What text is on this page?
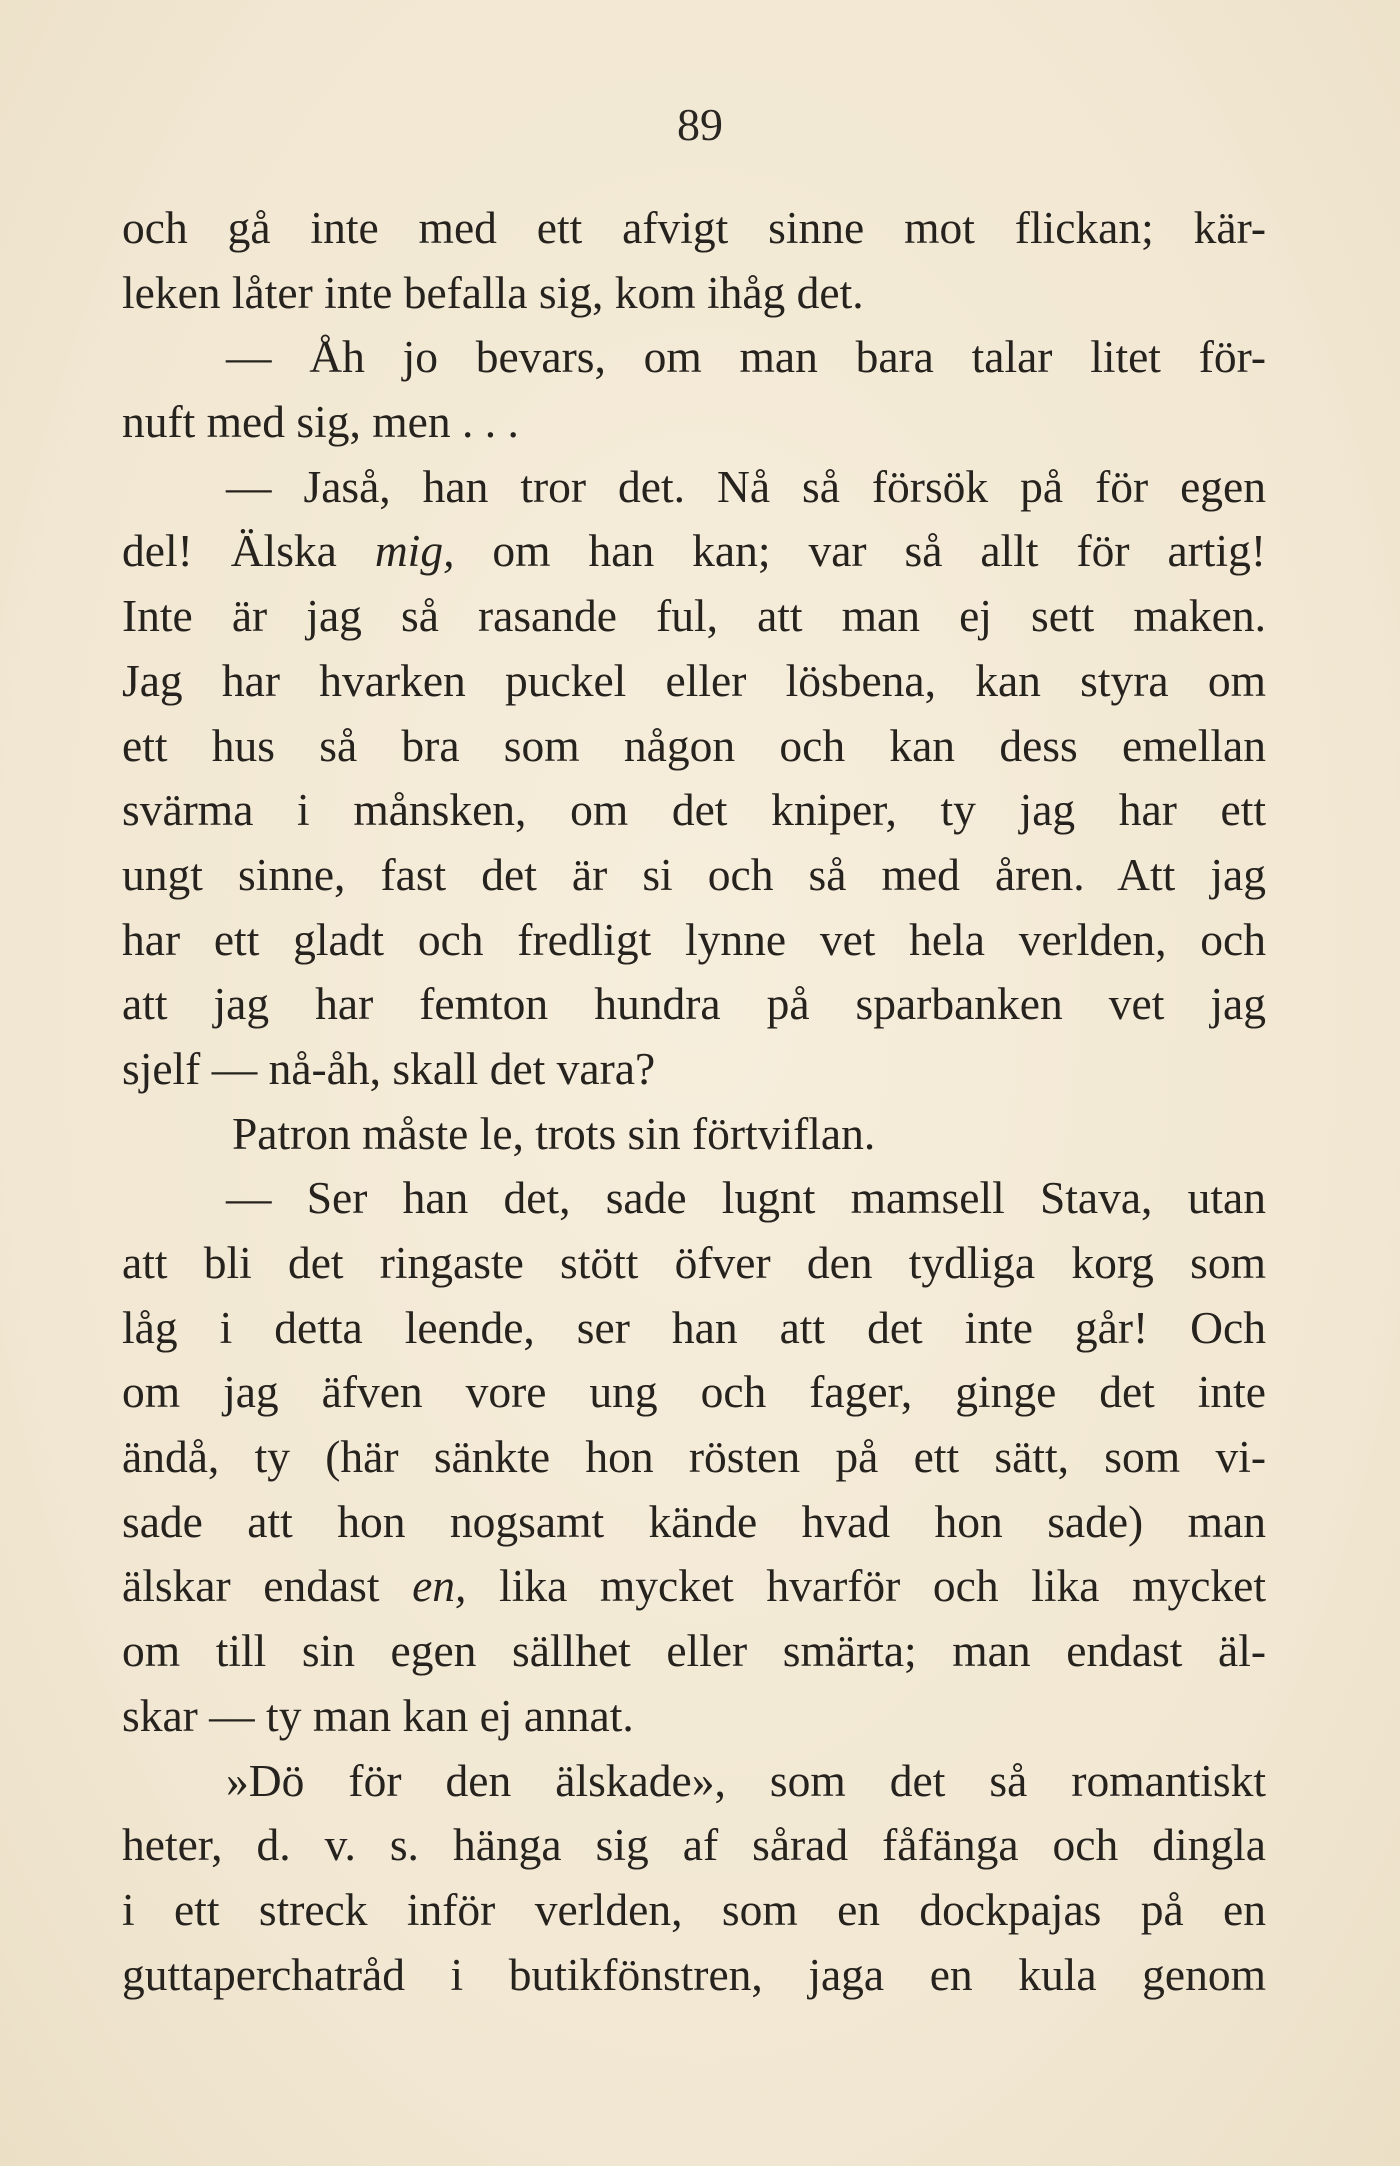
89
och gå inte med ett afvigt sinne mot flickan; kär-
leken låter inte befalla sig, kom ihåg det.
— Åh jo bevars, om man bara talar litet för-
nuft med sig, men . . .
— Jaså, han tror det. Nå så försök på för egen
del! Älska mig, om han kan; var så allt för artig!
Inte är jag så rasande ful, att man ej sett maken.
Jag har hvarken puckel eller lösbena, kan styra om
ett hus så bra som någon och kan dess emellan
svärma i månsken, om det kniper, ty jag har ett
ungt sinne, fast det är si och så med åren. Att jag
har ett gladt och fredligt lynne vet hela verlden, och
att jag har femton hundra på sparbanken vet jag
sjelf — nå-åh, skall det vara?
Patron måste le, trots sin förtviflan.
— Ser han det, sade lugnt mamsell Stava, utan
att bli det ringaste stött öfver den tydliga korg som
låg i detta leende, ser han att det inte går! Och
om jag äfven vore ung och fager, ginge det inte
ändå, ty (här sänkte hon rösten på ett sätt, som vi-
sade att hon nogsamt kände hvad hon sade) man
älskar endast en, lika mycket hvarför och lika mycket
om till sin egen sällhet eller smärta; man endast äl-
skar — ty man kan ej annat.
»Dö för den älskade», som det så romantiskt
heter, d. v. s. hänga sig af sårad fåfänga och dingla
i ett streck inför verlden, som en dockpajas på en
guttaperchatråd i butikfönstren, jaga en kula genom
